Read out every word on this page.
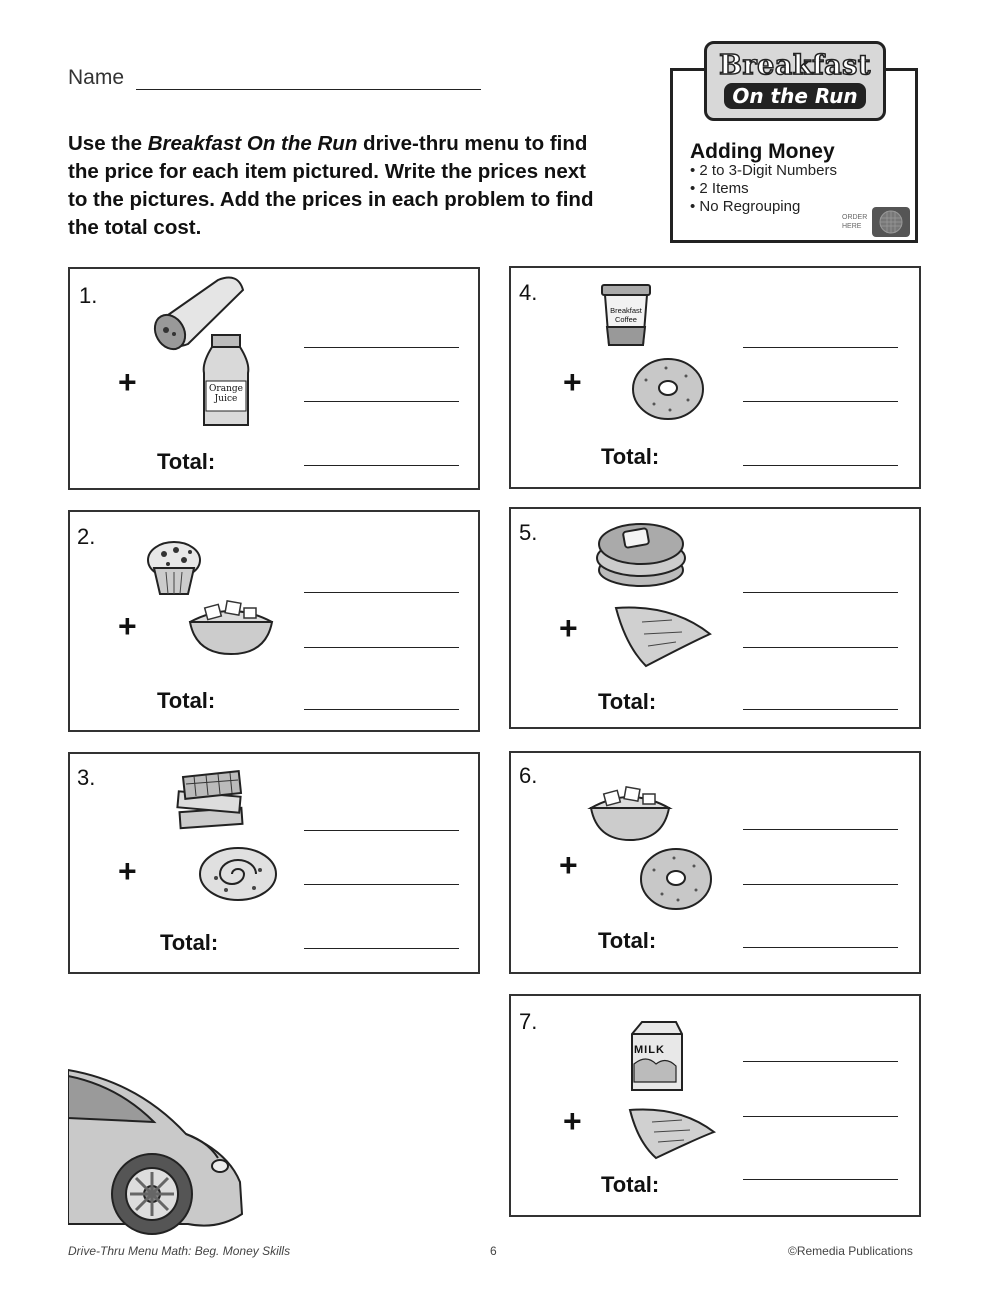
Name
Use the Breakfast On the Run drive-thru menu to find the price for each item pictured. Write the prices next to the pictures. Add the prices in each problem to find the total cost.
Breakfast
On the Run
Adding Money
• 2 to 3-Digit Numbers
• 2 Items
• No Regrouping
ORDER
HERE
1.
Orange Juice
+
Total:
2.
+
Total:
3.
+
Total:
4.
Breakfast Coffee
+
Total:
5.
+
Total:
6.
+
Total:
7.
MILK
+
Total:
Drive-Thru Menu Math: Beg. Money Skills	6	©Remedia Publications
